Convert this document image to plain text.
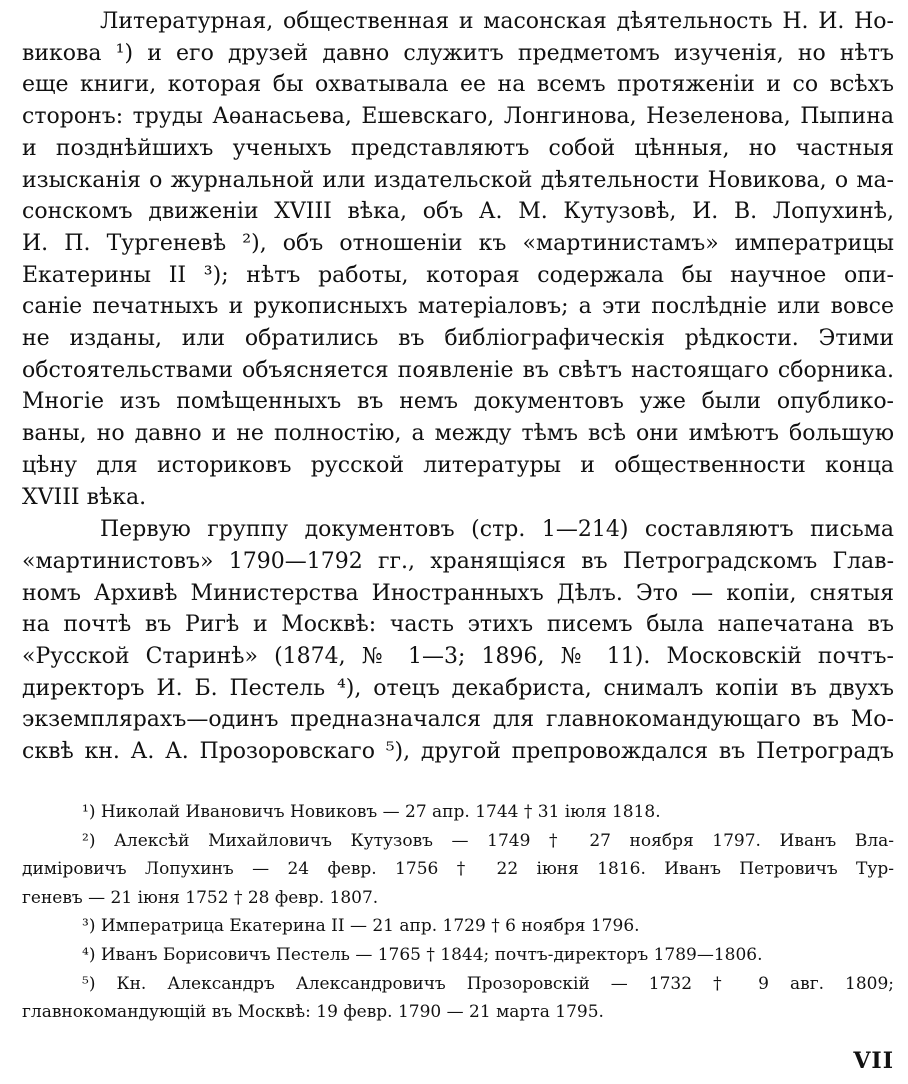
Литературная, общественная и масонская дѣятельность Н. И. Но-
викова ¹) и его друзей давно служитъ предметомъ изученія, но нѣтъ
еще книги, которая бы охватывала ее на всемъ протяженіи и со всѣхъ
сторонъ: труды Аѳанасьева, Ешевскаго, Лонгинова, Незеленова, Пыпина
и позднѣйшихъ ученыхъ представляютъ собой цѣнныя, но частныя
изысканія о журнальной или издательской дѣятельности Новикова, о ма-
сонскомъ движеніи XVIII вѣка, объ А. М. Кутузовѣ, И. В. Лопухинѣ,
И. П. Тургеневѣ ²), объ отношеніи къ «мартинистамъ» императрицы
Екатерины II ³); нѣтъ работы, которая содержала бы научное опи-
саніе печатныхъ и рукописныхъ матеріаловъ; а эти послѣдніе или вовсе
не изданы, или обратились въ библіографическія рѣдкости. Этими
обстоятельствами объясняется появленіе въ свѣтъ настоящаго сборника.
Многіе изъ помѣщенныхъ въ немъ документовъ уже были опублико-
ваны, но давно и не полностію, а между тѣмъ всѣ они имѣютъ большую
цѣну для историковъ русской литературы и общественности конца
XVIII вѣка.

Первую группу документовъ (стр. 1—214) составляютъ письма
«мартинистовъ» 1790—1792 гг., хранящіяся въ Петроградскомъ Глав-
номъ Архивѣ Министерства Иностранныхъ Дѣлъ. Это — копіи, снятыя
на почтѣ въ Ригѣ и Москвѣ: часть этихъ писемъ была напечатана въ
«Русской Старинѣ» (1874, № 1—3; 1896, № 11). Московскій почтъ-
директоръ И. Б. Пестель ⁴), отецъ декабриста, снималъ копіи въ двухъ
экземплярахъ—одинъ предназначался для главнокомандующаго въ Мо-
сквѣ кн. А. А. Прозоровскаго ⁵), другой препровождался въ Петроградъ

¹) Николай Ивановичъ Новиковъ — 27 апр. 1744 † 31 іюля 1818.
²) Алексѣй Михайловичъ Кутузовъ — 1749 † 27 ноября 1797. Иванъ Вла-
диміровичъ Лопухинъ — 24 февр. 1756 † 22 іюня 1816. Иванъ Петровичъ Тур-
геневъ — 21 іюня 1752 † 28 февр. 1807.
³) Императрица Екатерина II — 21 апр. 1729 † 6 ноября 1796.
⁴) Иванъ Борисовичъ Пестель — 1765 † 1844; почтъ-директоръ 1789—1806.
⁵) Кн. Александръ Александровичъ Прозоровскій — 1732 † 9 авг. 1809;
главнокомандующій въ Москвѣ: 19 февр. 1790 — 21 марта 1795.
VII
